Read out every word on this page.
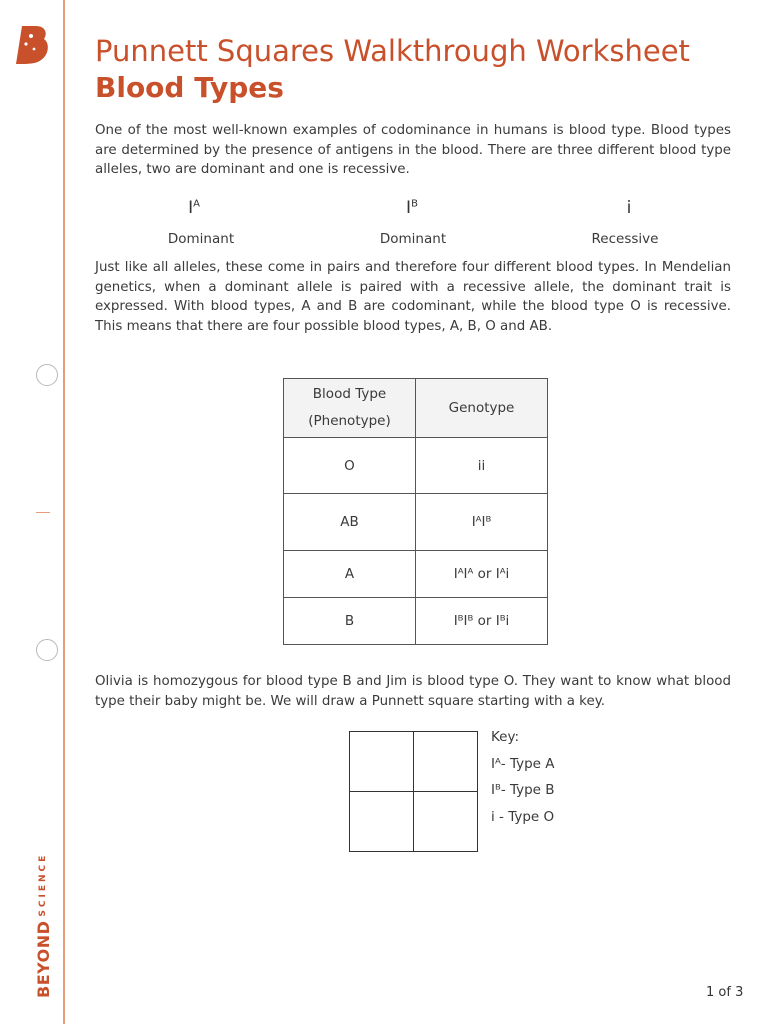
$BEYOND^{SCIENCE}$
Punnett Squares Walkthrough Worksheet
Blood Types

One of the most well-known examples of codominance in humans is blood type. Blood types are determined by the presence of antigens in the blood. There are three different blood type alleles, two are dominant and one is recessive.

$I^A$	$I^B$	i
Dominant	Dominant	Recessive

Just like all alleles, these come in pairs and therefore four different blood types. In Mendelian genetics, when a dominant allele is paired with a recessive allele, the dominant trait is expressed. With blood types, A and B are codominant, while the blood type O is recessive. This means that there are four possible blood types, A, B, O and AB.

Blood Type
(Phenotype)	Genotype
O	ii
AB	IᴬIᴮ
A	IᴬIᴬ or Iᴬi
B	IᴮIᴮ or Iᴮi

Olivia is homozygous for blood type B and Jim is blood type O. They want to know what blood type their baby might be. We will draw a Punnett square starting with a key.

Key:
Iᴬ- Type A
Iᴮ- Type B
i - Type O
1 of 3
